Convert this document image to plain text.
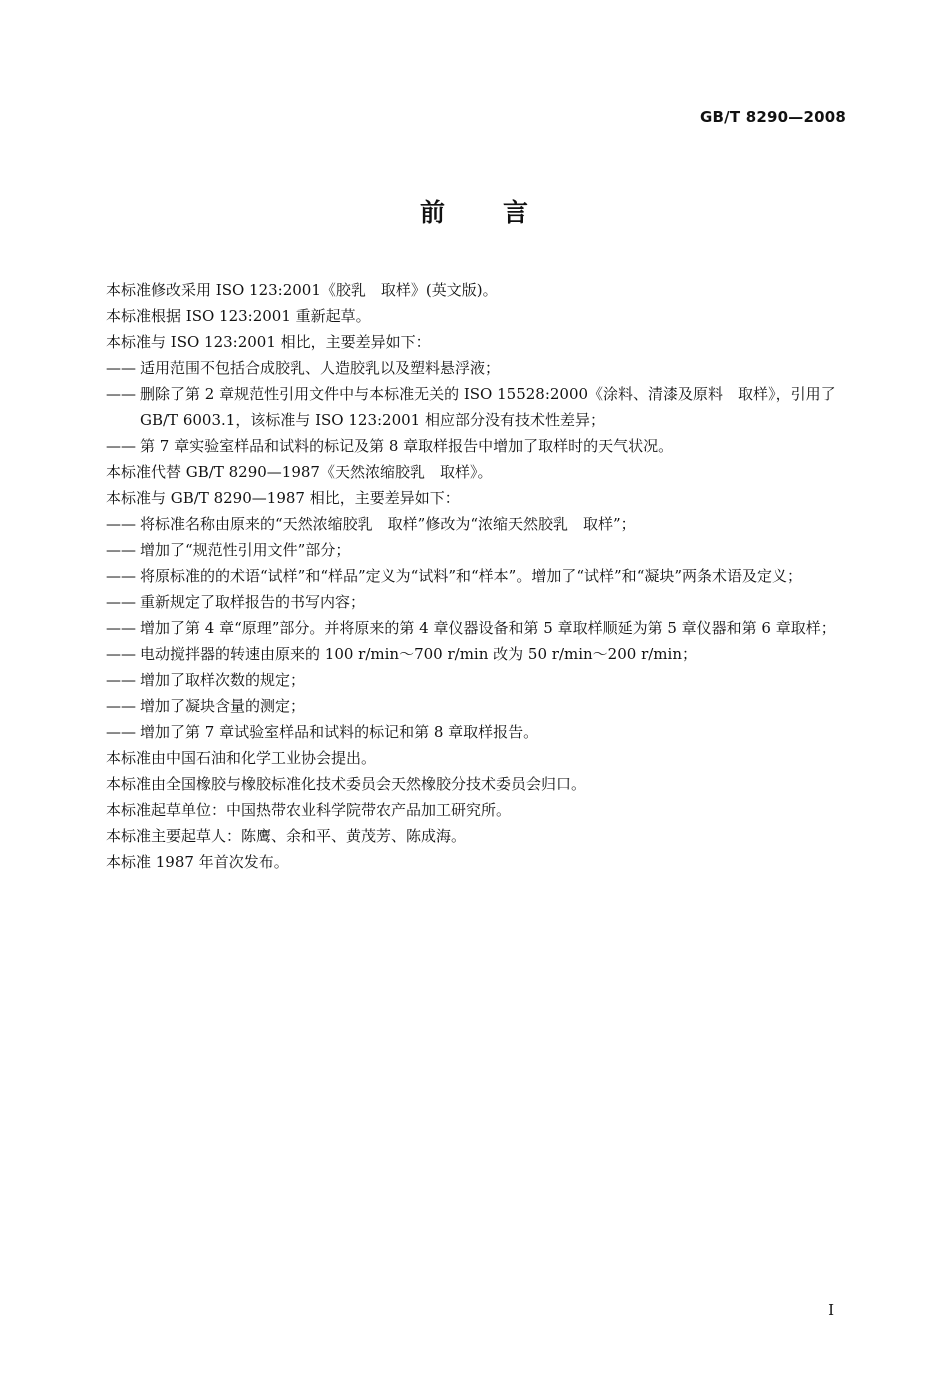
GB/T 8290—2008
前 言

本标准修改采用 ISO 123:2001《胶乳　取样》(英文版)。

本标准根据 ISO 123:2001 重新起草。

本标准与 ISO 123:2001 相比，主要差异如下：

—— 适用范围不包括合成胶乳、人造胶乳以及塑料悬浮液；
—— 删除了第 2 章规范性引用文件中与本标准无关的 ISO 15528:2000《涂料、清漆及原料　取样》，引用了 GB/T 6003.1，该标准与 ISO 123:2001 相应部分没有技术性差异；
—— 第 7 章实验室样品和试料的标记及第 8 章取样报告中增加了取样时的天气状况。

本标准代替 GB/T 8290—1987《天然浓缩胶乳　取样》。

本标准与 GB/T 8290—1987 相比，主要差异如下：

—— 将标准名称由原来的“天然浓缩胶乳　取样”修改为“浓缩天然胶乳　取样”；
—— 增加了“规范性引用文件”部分；
—— 将原标准的的术语“试样”和“样品”定义为“试料”和“样本”。增加了“试样”和“凝块”两条术语及定义；
—— 重新规定了取样报告的书写内容；
—— 增加了第 4 章“原理”部分。并将原来的第 4 章仪器设备和第 5 章取样顺延为第 5 章仪器和第 6 章取样；
—— 电动搅拌器的转速由原来的 100 r/min～700 r/min 改为 50 r/min～200 r/min；
—— 增加了取样次数的规定；
—— 增加了凝块含量的测定；
—— 增加了第 7 章试验室样品和试料的标记和第 8 章取样报告。

本标准由中国石油和化学工业协会提出。

本标准由全国橡胶与橡胶标准化技术委员会天然橡胶分技术委员会归口。

本标准起草单位：中国热带农业科学院带农产品加工研究所。

本标准主要起草人：陈鹰、余和平、黄茂芳、陈成海。

本标准 1987 年首次发布。

I
